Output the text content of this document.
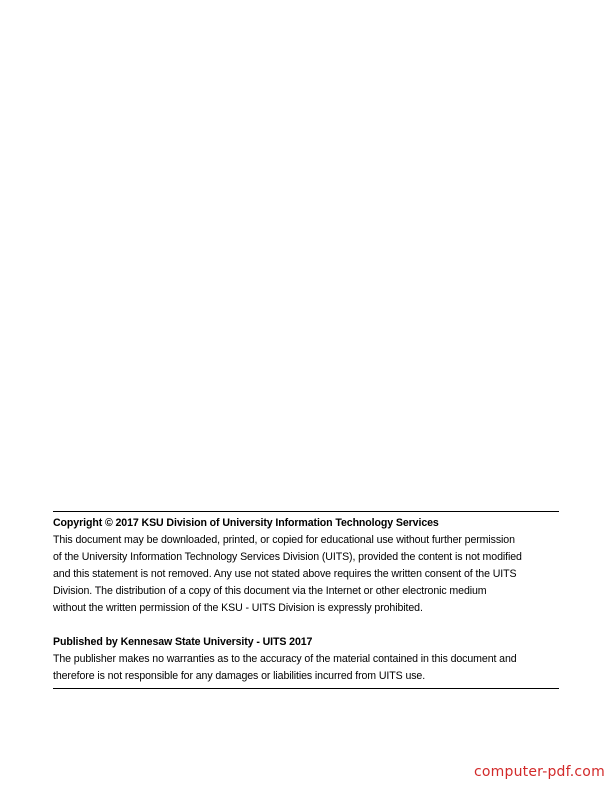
Copyright © 2017 KSU Division of University Information Technology Services

This document may be downloaded, printed, or copied for educational use without further permission

of the University Information Technology Services Division (UITS), provided the content is not modified

and this statement is not removed. Any use not stated above requires the written consent of the UITS

Division. The distribution of a copy of this document via the Internet or other electronic medium

without the written permission of the KSU - UITS Division is expressly prohibited.

Published by Kennesaw State University - UITS 2017

The publisher makes no warranties as to the accuracy of the material contained in this document and

therefore is not responsible for any damages or liabilities incurred from UITS use.

computer-pdf.com
